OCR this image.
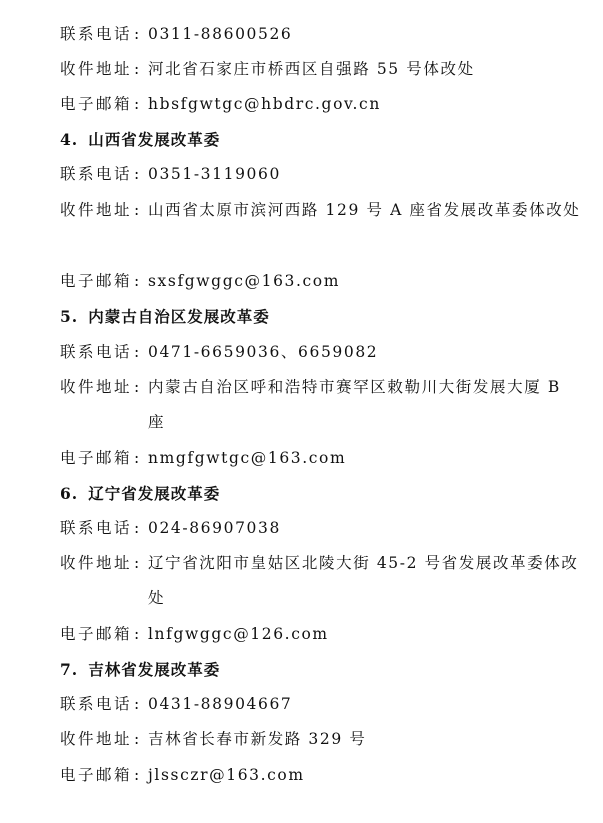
联系电话 : 0311-88600526
收件地址 : 河北省石家庄市桥西区自强路 55 号体改处
电子邮箱 : hbsfgwtgc@hbdrc.gov.cn
4. 山西省发展改革委
联系电话 : 0351-3119060
收件地址 : 山西省太原市滨河西路 129 号 A 座省发展改革委体改处
电子邮箱 : sxsfgwggc@163.com
5. 内蒙古自治区发展改革委
联系电话 : 0471-6659036、6659082
收件地址 : 内蒙古自治区呼和浩特市赛罕区敕勒川大街发展大厦 B 座
电子邮箱 : nmgfgwtgc@163.com
6. 辽宁省发展改革委
联系电话 : 024-86907038
收件地址 : 辽宁省沈阳市皇姑区北陵大街 45-2 号省发展改革委体改处
电子邮箱 : lnfgwggc@126.com
7. 吉林省发展改革委
联系电话 : 0431-88904667
收件地址 : 吉林省长春市新发路 329 号
电子邮箱 : jlssczr@163.com
